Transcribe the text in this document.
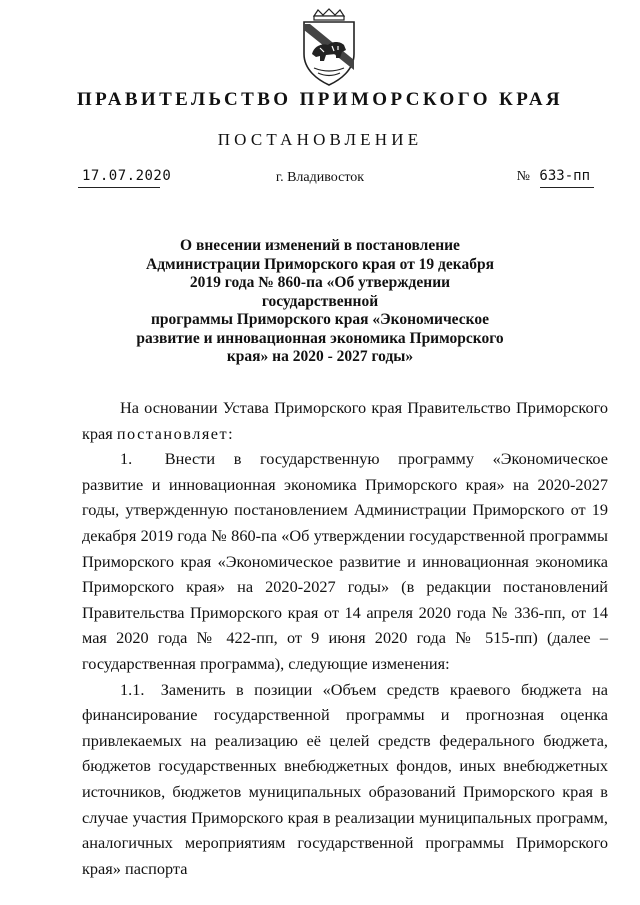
ПРАВИТЕЛЬСТВО ПРИМОРСКОГО КРАЯ
ПОСТАНОВЛЕНИЕ
17.07.2020	г. Владивосток	№ 633-пп
О внесении изменений в постановление
Администрации Приморского края от 19 декабря
2019 года № 860-па «Об утверждении государственной
программы Приморского края «Экономическое
развитие и инновационная экономика Приморского
края» на 2020 - 2027 годы»

На основании Устава Приморского края Правительство Приморского края постановляет:

1.  Внести в государственную программу «Экономическое развитие и инновационная экономика Приморского края» на 2020-2027 годы, утвержденную постановлением Администрации Приморского от 19 декабря 2019 года № 860-па «Об утверждении государственной программы Приморского края «Экономическое развитие и инновационная экономика Приморского края» на 2020-2027 годы» (в редакции постановлений Правительства Приморского края от 14 апреля 2020 года № 336-пп, от 14 мая 2020 года № 422-пп, от 9 июня 2020 года № 515-пп) (далее – государственная программа), следующие изменения:

1.1. Заменить в позиции «Объем средств краевого бюджета на финансирование государственной программы и прогнозная оценка привлекаемых на реализацию её целей средств федерального бюджета, бюджетов государственных внебюджетных фондов, иных внебюджетных источников, бюджетов муниципальных образований Приморского края в случае участия Приморского края в реализации муниципальных программ, аналогичных мероприятиям государственной программы Приморского края» паспорта
